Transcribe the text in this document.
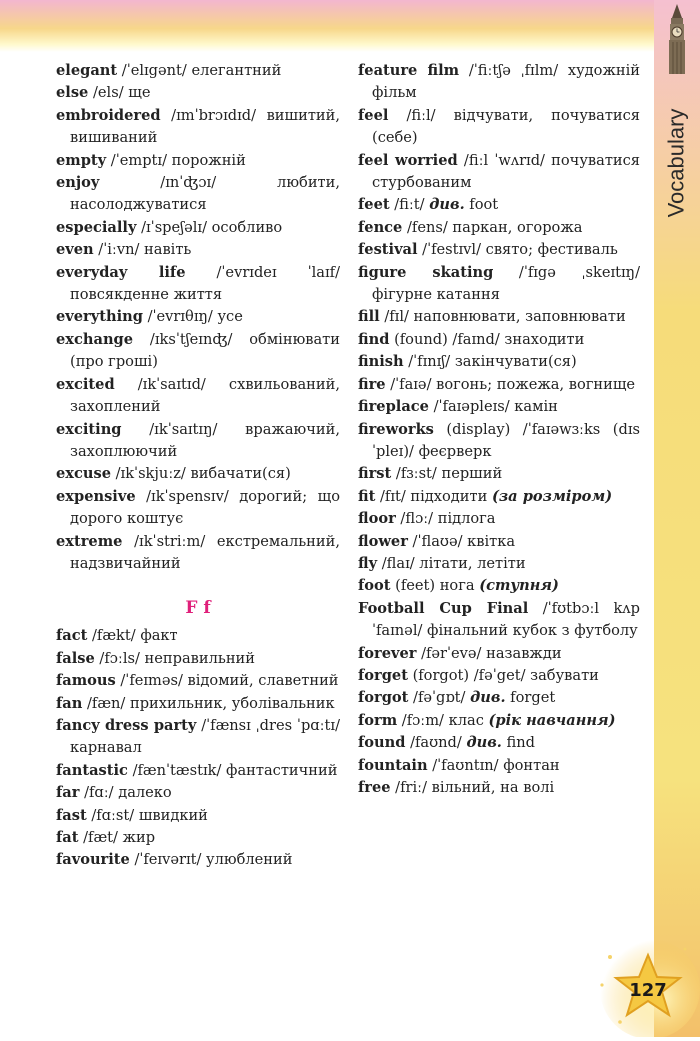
Vocabulary
elegant /ˈelɪgənt/ елегантний
else /els/ ще
embroidered /ɪmˈbrɔɪdɪd/ вишитий, вишиваний
empty /ˈemptɪ/ порожній
enjoy /ɪnˈʤɔɪ/ любити, насолоджуватися
especially /ɪˈspeʃəlɪ/ особливо
even /ˈiːvn/ навіть
everyday life /ˈevrɪdeɪ ˈlaɪf/ повсякденне життя
everything /ˈevrɪθɪŋ/ усе
exchange /ɪksˈtʃeɪnʤ/ обмінювати (про гроші)
excited /ɪkˈsaɪtɪd/ схвильований, захоплений
exciting /ɪkˈsaɪtɪŋ/ вражаючий, захоплюючий
excuse /ɪkˈskjuːz/ вибачати(ся)
expensive /ɪkˈspensɪv/ дорогий; що дорого коштує
extreme /ɪkˈstriːm/ екстремальний, надзвичайний
F f
fact /fækt/ факт
false /fɔːls/ неправильний
famous /ˈfeɪməs/ відомий, славетний
fan /fæn/ прихильник, уболівальник
fancy dress party /ˈfænsɪ ˌdres ˈpɑːtɪ/ карнавал
fantastic /fænˈtæstɪk/ фантастичний
far /fɑː/ далеко
fast /fɑːst/ швидкий
fat /fæt/ жир
favourite /ˈfeɪvərɪt/ улюблений
feature film /ˈfiːtʃə ˌfɪlm/ художній фільм
feel /fiːl/ відчувати, почуватися (себе)
feel worried /fiːl ˈwʌrɪd/ почуватися стурбованим
feet /fiːt/ див. foot
fence /fens/ паркан, огорожа
festival /ˈfestɪvl/ свято; фестиваль
figure skating /ˈfɪgə ˌskeɪtɪŋ/ фігурне катання
fill /fɪl/ наповнювати, заповнювати
find (found) /faɪnd/ знаходити
finish /ˈfɪnɪʃ/ закінчувати(ся)
fire /ˈfaɪə/ вогонь; пожежа, вогнище
fireplace /ˈfaɪəpleɪs/ камін
fireworks (display) /ˈfaɪəwɜːks (dɪsˈpleɪ)/ феєрверк
first /fɜːst/ перший
fit /fɪt/ підходити (за розміром)
floor /flɔː/ підлога
flower /ˈflaʊə/ квітка
fly /flaɪ/ літати, летіти
foot (feet) нога (ступня)
Football Cup Final /ˈfʊtbɔːl kʌp ˈfaɪnəl/ фінальний кубок з футболу
forever /fərˈevə/ назавжди
forget (forgot) /fəˈget/ забувати
forgot /fəˈgɒt/ див. forget
form /fɔːm/ клас (рік навчання)
found /faʊnd/ див. find
fountain /ˈfaʊntɪn/ фонтан
free /friː/ вільний, на волі
127
